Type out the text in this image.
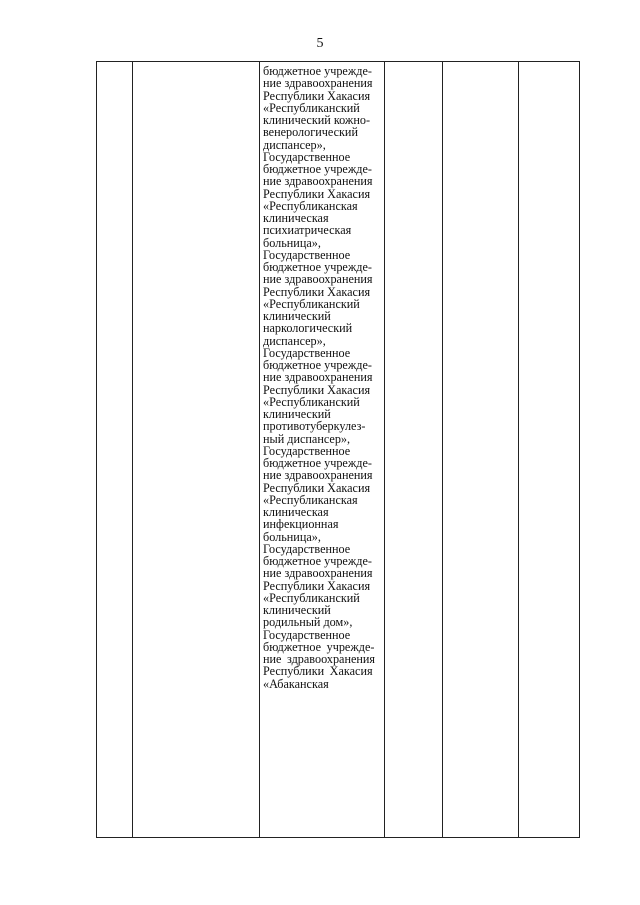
5

бюджетное учрежде-
ние здравоохранения
Республики Хакасия
«Республиканский
клинический кожно-
венерологический
диспансер»,
Государственное
бюджетное учрежде-
ние здравоохранения
Республики Хакасия
«Республиканская
клиническая
психиатрическая
больница»,
Государственное
бюджетное учрежде-
ние здравоохранения
Республики Хакасия
«Республиканский
клинический
наркологический
диспансер»,
Государственное
бюджетное учрежде-
ние здравоохранения
Республики Хакасия
«Республиканский
клинический
противотуберкулез-
ный диспансер»,
Государственное
бюджетное учрежде-
ние здравоохранения
Республики Хакасия
«Республиканская
клиническая
инфекционная
больница»,
Государственное
бюджетное учрежде-
ние здравоохранения
Республики Хакасия
«Республиканский
клинический
родильный дом»,
Государственное
бюджетное учрежде-
ние здравоохранения
Республики Хакасия
«Абаканская
